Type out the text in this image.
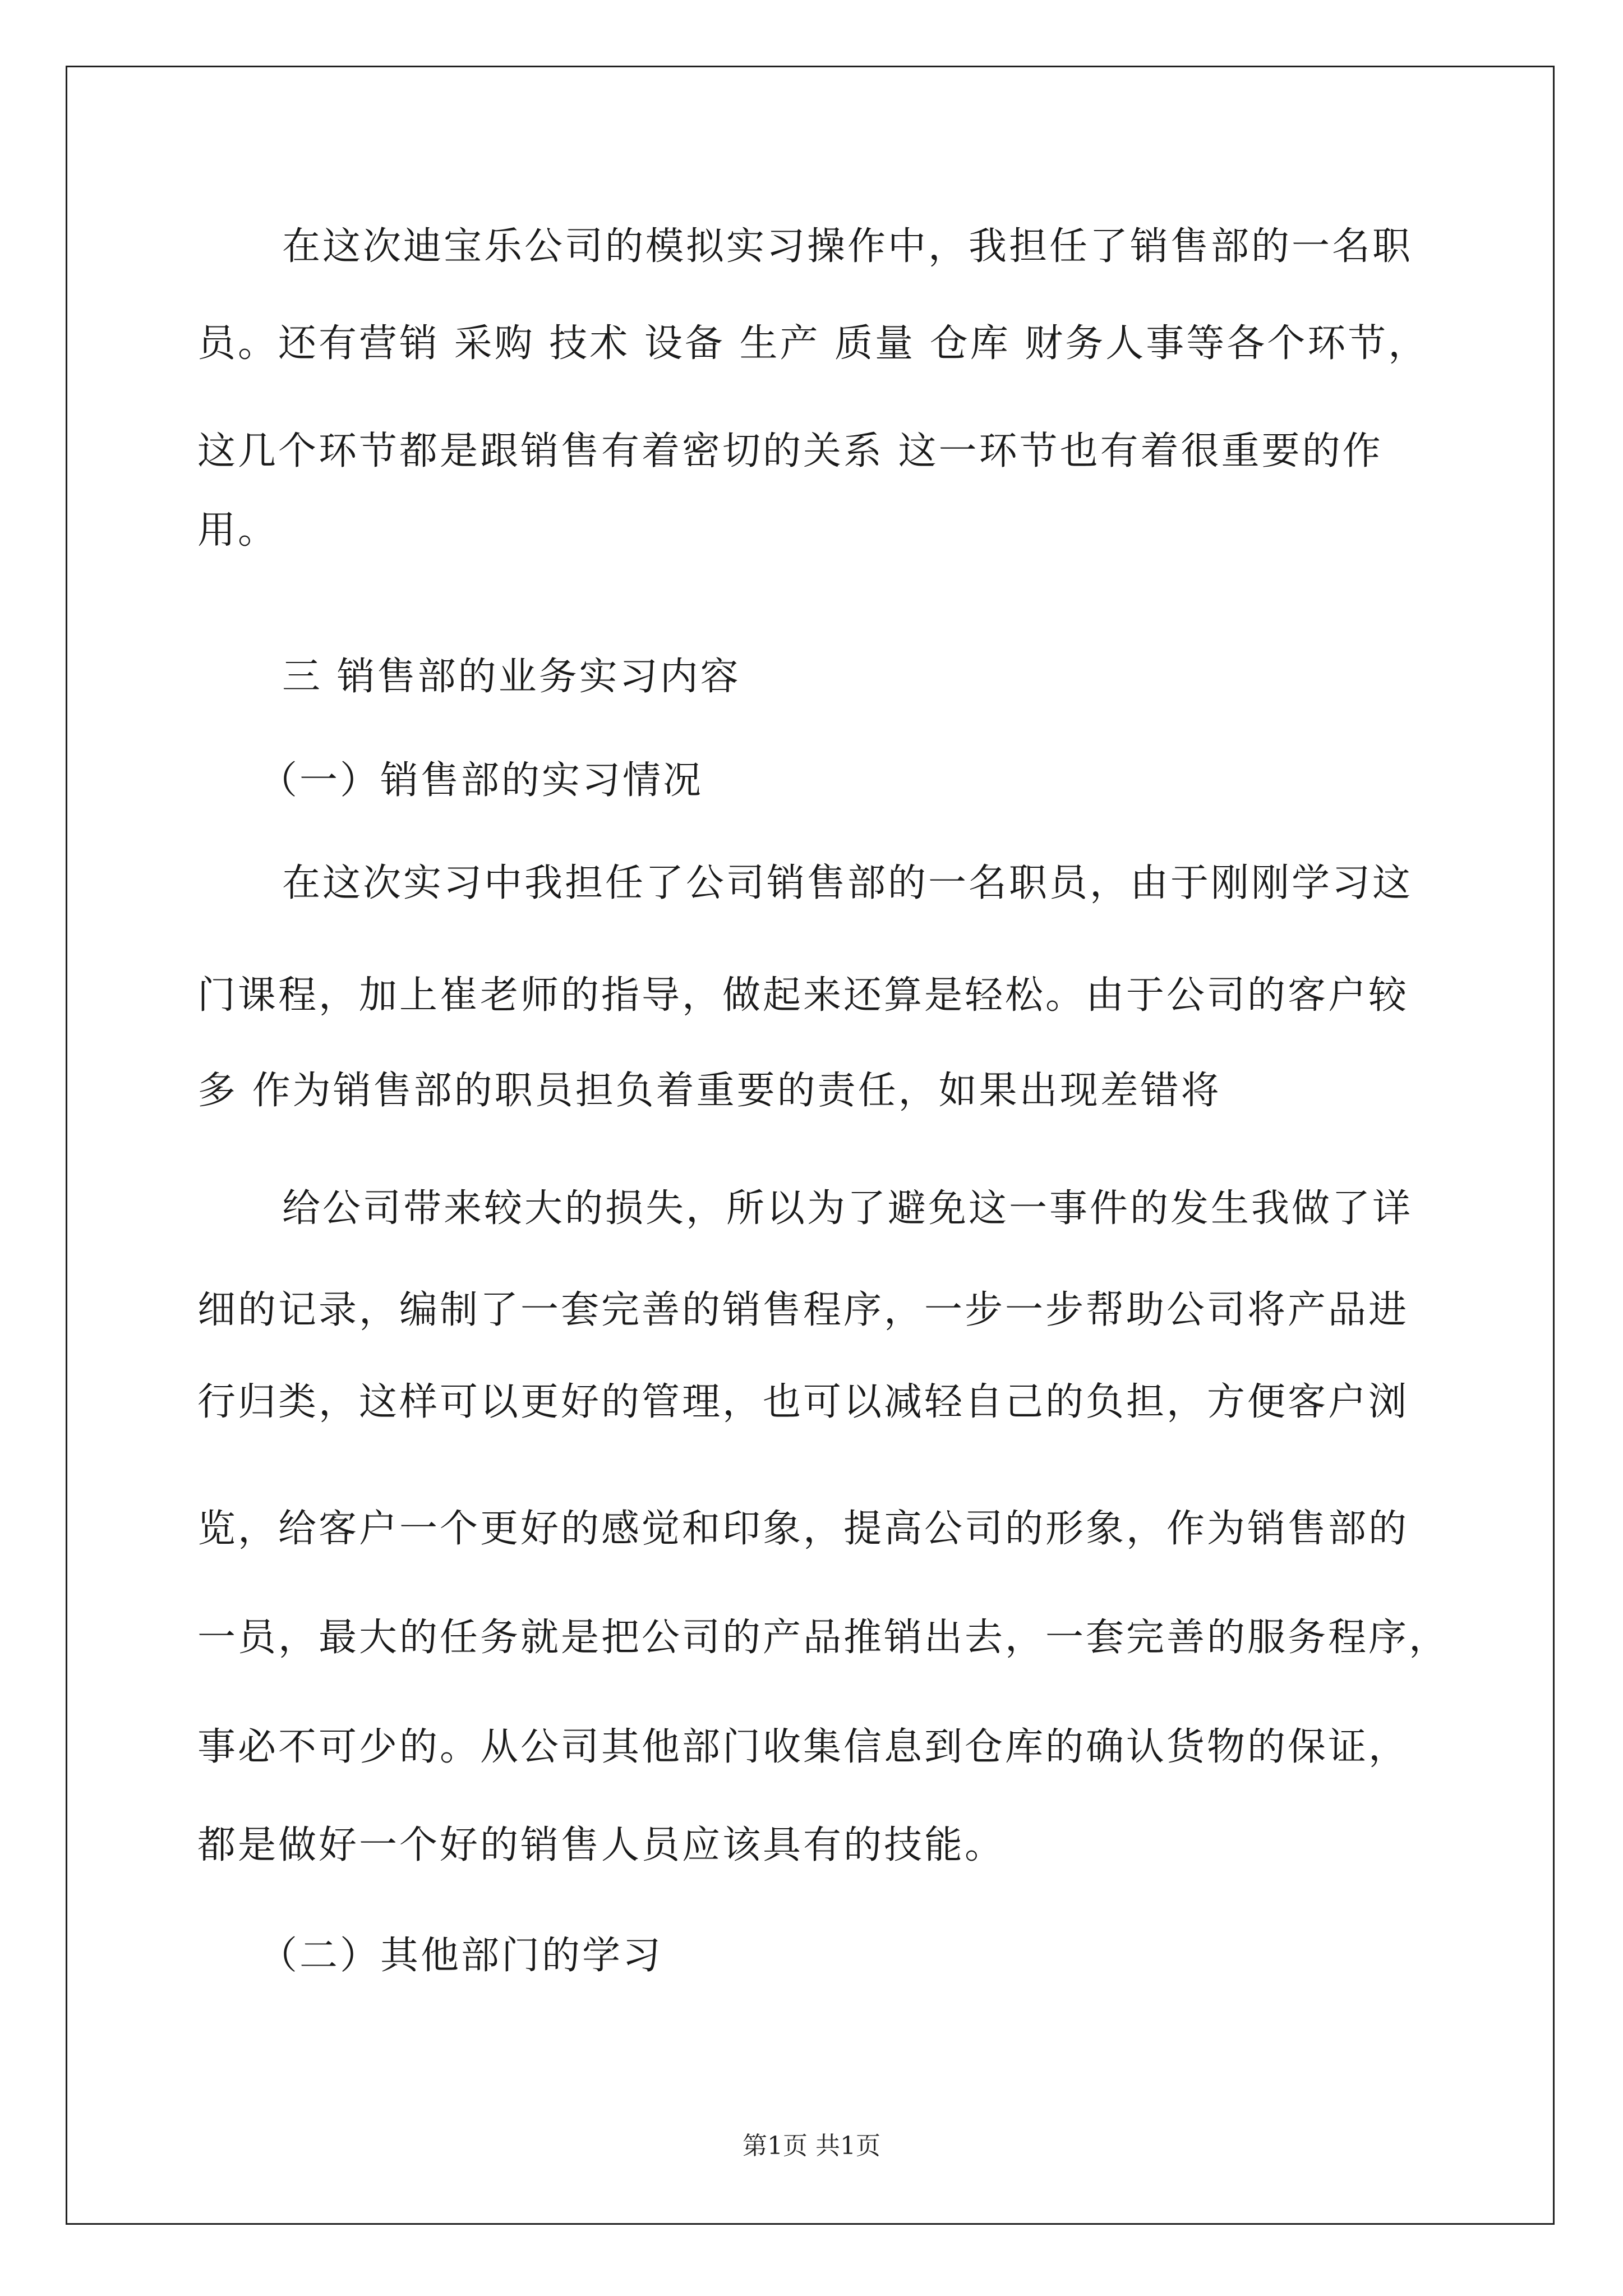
在这次迪宝乐公司的模拟实习操作中，我担任了销售部的一名职
员。还有营销 采购 技术 设备 生产 质量 仓库 财务人事等各个环节，
这几个环节都是跟销售有着密切的关系 这一环节也有着很重要的作
用。
三 销售部的业务实习内容
（一）销售部的实习情况
在这次实习中我担任了公司销售部的一名职员，由于刚刚学习这
门课程，加上崔老师的指导，做起来还算是轻松。由于公司的客户较
多 作为销售部的职员担负着重要的责任，如果出现差错将
给公司带来较大的损失，所以为了避免这一事件的发生我做了详
细的记录，编制了一套完善的销售程序，一步一步帮助公司将产品进
行归类，这样可以更好的管理，也可以减轻自己的负担，方便客户浏
览，给客户一个更好的感觉和印象，提高公司的形象，作为销售部的
一员，最大的任务就是把公司的产品推销出去，一套完善的服务程序，
事必不可少的。从公司其他部门收集信息到仓库的确认货物的保证，
都是做好一个好的销售人员应该具有的技能。
（二）其他部门的学习
第1页 共1页
